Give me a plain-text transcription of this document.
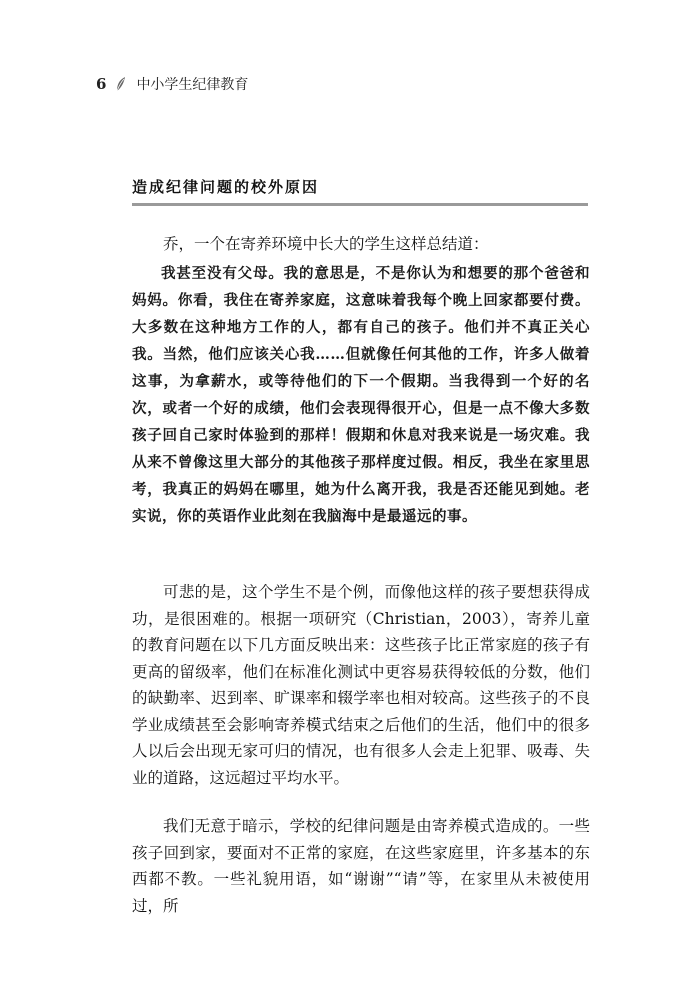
6 中小学生纪律教育
造成纪律问题的校外原因
乔，一个在寄养环境中长大的学生这样总结道：
我甚至没有父母。我的意思是，不是你认为和想要的那个爸爸和妈妈。你看，我住在寄养家庭，这意味着我每个晚上回家都要付费。大多数在这种地方工作的人，都有自己的孩子。他们并不真正关心我。当然，他们应该关心我……但就像任何其他的工作，许多人做着这事，为拿薪水，或等待他们的下一个假期。当我得到一个好的名次，或者一个好的成绩，他们会表现得很开心，但是一点不像大多数孩子回自己家时体验到的那样！假期和休息对我来说是一场灾难。我从来不曾像这里大部分的其他孩子那样度过假。相反，我坐在家里思考，我真正的妈妈在哪里，她为什么离开我，我是否还能见到她。老实说，你的英语作业此刻在我脑海中是最遥远的事。
可悲的是，这个学生不是个例，而像他这样的孩子要想获得成功，是很困难的。根据一项研究（Christian，2003），寄养儿童的教育问题在以下几方面反映出来：这些孩子比正常家庭的孩子有更高的留级率，他们在标准化测试中更容易获得较低的分数，他们的缺勤率、迟到率、旷课率和辍学率也相对较高。这些孩子的不良学业成绩甚至会影响寄养模式结束之后他们的生活，他们中的很多人以后会出现无家可归的情况，也有很多人会走上犯罪、吸毒、失业的道路，这远超过平均水平。
我们无意于暗示，学校的纪律问题是由寄养模式造成的。一些孩子回到家，要面对不正常的家庭，在这些家庭里，许多基本的东西都不教。一些礼貌用语，如“谢谢”“请”等，在家里从未被使用过，所
